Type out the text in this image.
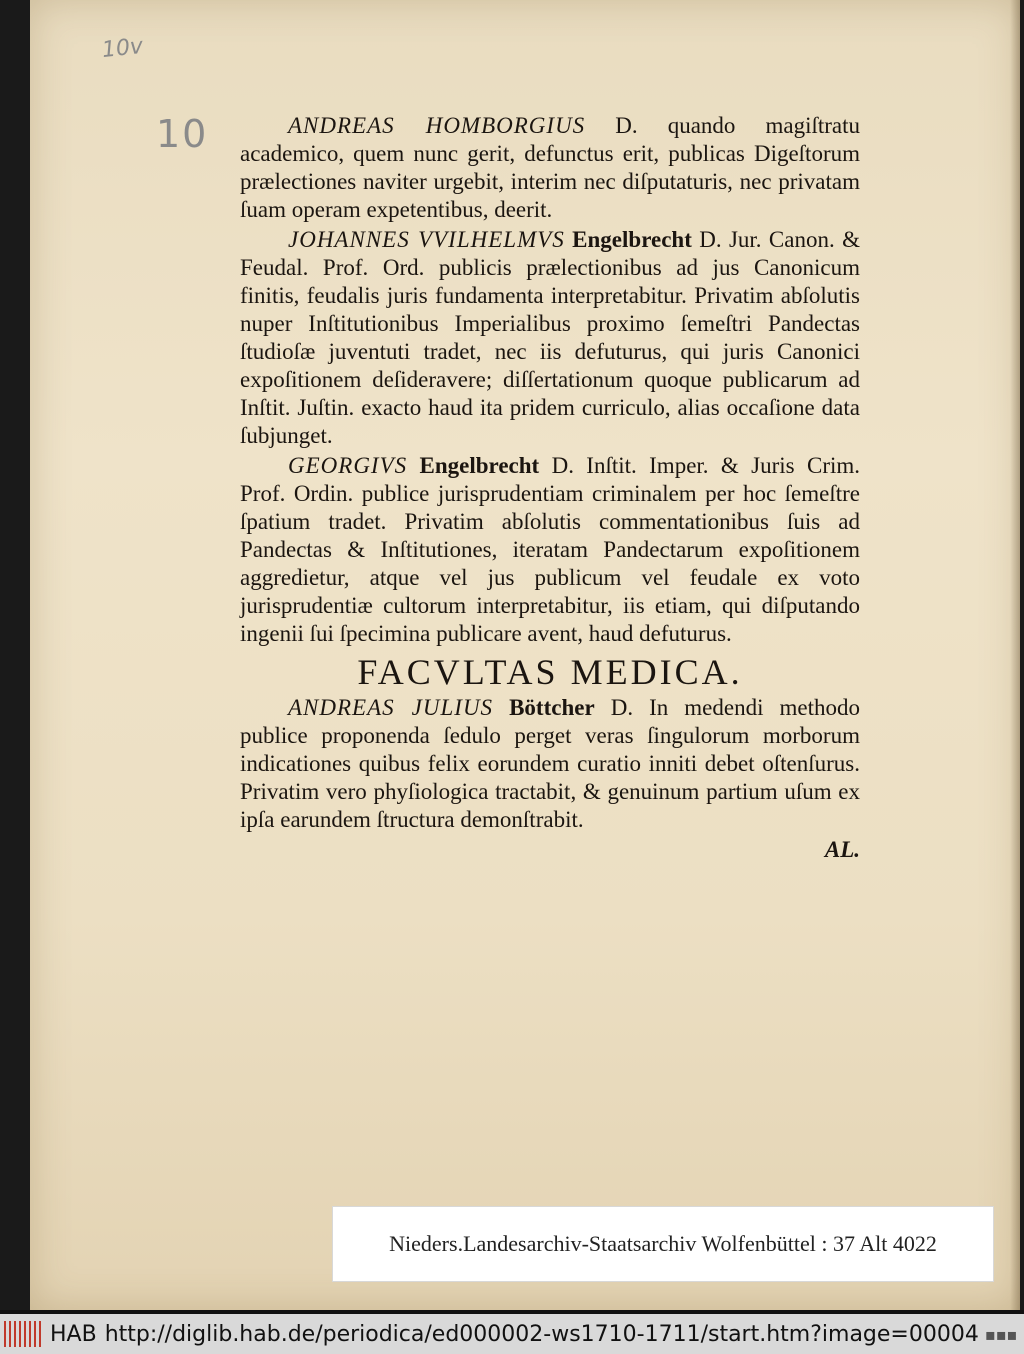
10v
10	ANDREAS HOMBORGIUS D. quando magiſtratu academico, quem nunc gerit, defunctus erit, publicas Digeſtorum prælectiones naviter urgebit, interim nec diſputaturis, nec privatam ſuam operam expetentibus, deerit.

JOHANNES VVILHELMVS Engelbrecht D. Jur. Canon. & Feudal. Prof. Ord. publicis prælectionibus ad jus Canonicum finitis, feudalis juris fundamenta interpretabitur. Privatim abſolutis nuper Inſtitutionibus Imperialibus proximo ſemeſtri Pandectas ſtudioſæ juventuti tradet, nec iis defuturus, qui juris Canonici expoſitionem deſideravere; diſſertationum quoque publicarum ad Inſtit. Juſtin. exacto haud ita pridem curriculo, alias occaſione data ſubjunget.

GEORGIVS Engelbrecht D. Inſtit. Imper. & Juris Crim. Prof. Ordin. publice jurisprudentiam criminalem per hoc ſemeſtre ſpatium tradet. Privatim abſolutis commentationibus ſuis ad Pandectas & Inſtitutiones, iteratam Pandectarum expoſitionem aggredietur, atque vel jus publicum vel feudale ex voto jurisprudentiæ cultorum interpretabitur, iis etiam, qui diſputando ingenii ſui ſpecimina publicare avent, haud defuturus.

FACVLTAS MEDICA.

ANDREAS JULIUS Böttcher D. In medendi methodo publice proponenda ſedulo perget veras ſingulorum morborum indicationes quibus felix eorundem curatio inniti debet oſtenſurus. Privatim vero phyſiologica tractabit, & genuinum partium uſum ex ipſa earundem ſtructura demonſtrabit.

AL.

Nieders.Landesarchiv-Staatsarchiv Wolfenbüttel : 37 Alt 4022
HAB http://diglib.hab.de/periodica/ed000002-ws1710-1711/start.htm?image=00004 ▪▪▪
